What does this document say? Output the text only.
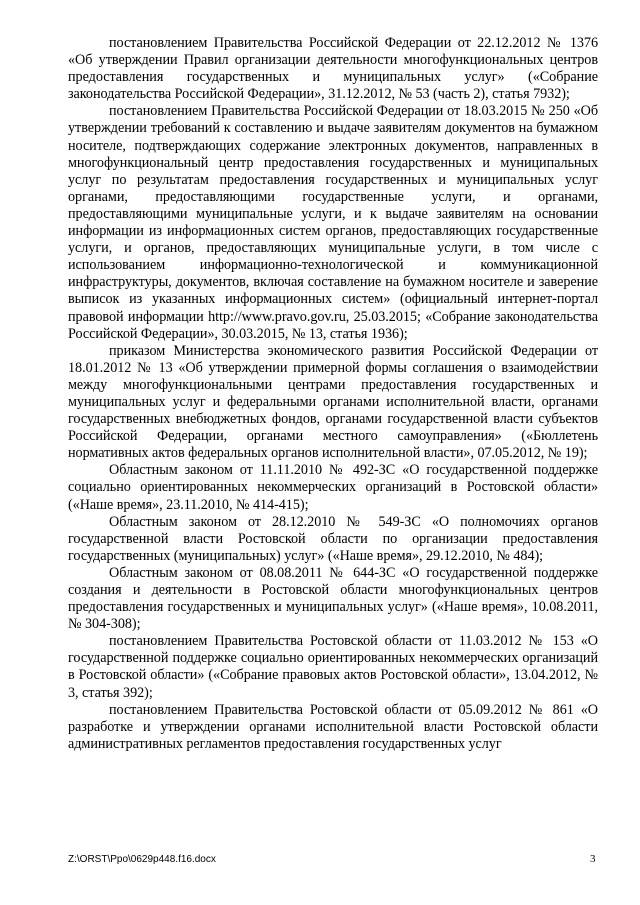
постановлением Правительства Российской Федерации от 22.12.2012 № 1376 «Об утверждении Правил организации деятельности многофункциональных центров предоставления государственных и муниципальных услуг» («Собрание законодательства Российской Федерации», 31.12.2012, № 53 (часть 2), статья 7932);

постановлением Правительства Российской Федерации от 18.03.2015 № 250 «Об утверждении требований к составлению и выдаче заявителям документов на бумажном носителе, подтверждающих содержание электронных документов, направленных в многофункциональный центр предоставления государственных и муниципальных услуг по результатам предоставления государственных и муниципальных услуг органами, предоставляющими государственные услуги, и органами, предоставляющими муниципальные услуги, и к выдаче заявителям на основании информации из информационных систем органов, предоставляющих государственные услуги, и органов, предоставляющих муниципальные услуги, в том числе с использованием информационно-технологической и коммуникационной инфраструктуры, документов, включая составление на бумажном носителе и заверение выписок из указанных информационных систем» (официальный интернет-портал правовой информации http://www.pravo.gov.ru, 25.03.2015; «Собрание законодательства Российской Федерации», 30.03.2015, № 13, статья 1936);

приказом Министерства экономического развития Российской Федерации от 18.01.2012 № 13 «Об утверждении примерной формы соглашения о взаимодействии между многофункциональными центрами предоставления государственных и муниципальных услуг и федеральными органами исполнительной власти, органами государственных внебюджетных фондов, органами государственной власти субъектов Российской Федерации, органами местного самоуправления» («Бюллетень нормативных актов федеральных органов исполнительной власти», 07.05.2012, № 19);

Областным законом от 11.11.2010 № 492-ЗС «О государственной поддержке социально ориентированных некоммерческих организаций в Ростовской области» («Наше время», 23.11.2010, № 414-415);

Областным законом от 28.12.2010 № 549-ЗС «О полномочиях органов государственной власти Ростовской области по организации предоставления государственных (муниципальных) услуг» («Наше время», 29.12.2010, № 484);

Областным законом от 08.08.2011 № 644-ЗС «О государственной поддержке создания и деятельности в Ростовской области многофункциональных центров предоставления государственных и муниципальных услуг» («Наше время», 10.08.2011, № 304-308);

постановлением Правительства Ростовской области от 11.03.2012 № 153 «О государственной поддержке социально ориентированных некоммерческих организаций в Ростовской области» («Собрание правовых актов Ростовской области», 13.04.2012, № 3, статья 392);

постановлением Правительства Ростовской области от 05.09.2012 № 861 «О разработке и утверждении органами исполнительной власти Ростовской области административных регламентов предоставления государственных услуг

Z:\ORST\Ppo\0629p448.f16.docx	3
